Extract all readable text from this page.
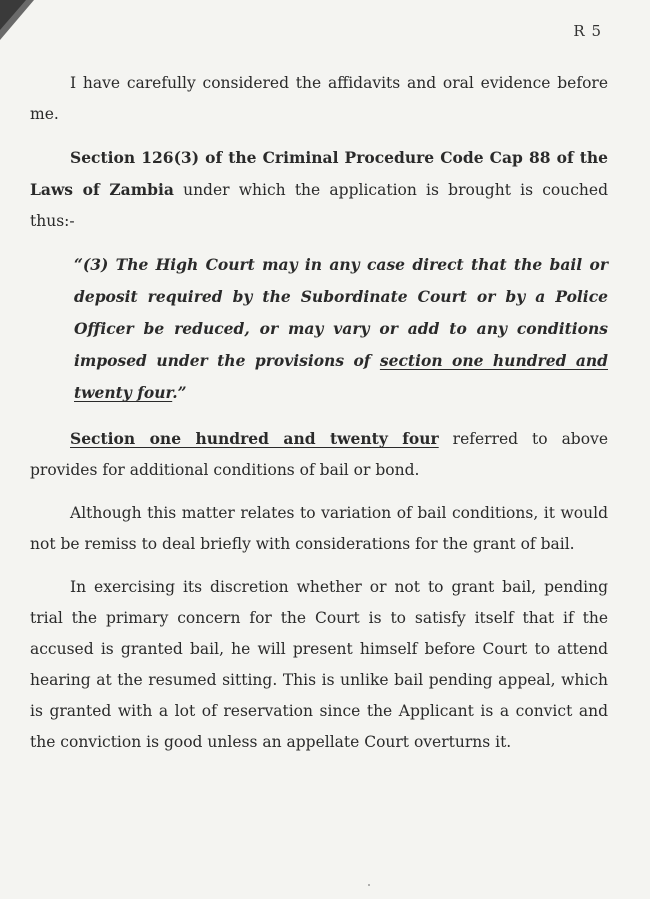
R 5

I have carefully considered the affidavits and oral evidence before me.

Section 126(3) of the Criminal Procedure Code Cap 88 of the Laws of Zambia under which the application is brought is couched thus:-

“(3) The High Court may in any case direct that the bail or deposit required by the Subordinate Court or by a Police Officer be reduced, or may vary or add to any conditions imposed under the provisions of section one hundred and twenty four.”

Section one hundred and twenty four referred to above provides for additional conditions of bail or bond.

Although this matter relates to variation of bail conditions, it would not be remiss to deal briefly with considerations for the grant of bail.

In exercising its discretion whether or not to grant bail, pending trial the primary concern for the Court is to satisfy itself that if the accused is granted bail, he will present himself before Court to attend hearing at the resumed sitting. This is unlike bail pending appeal, which is granted with a lot of reservation since the Applicant is a convict and the conviction is good unless an appellate Court overturns it.
